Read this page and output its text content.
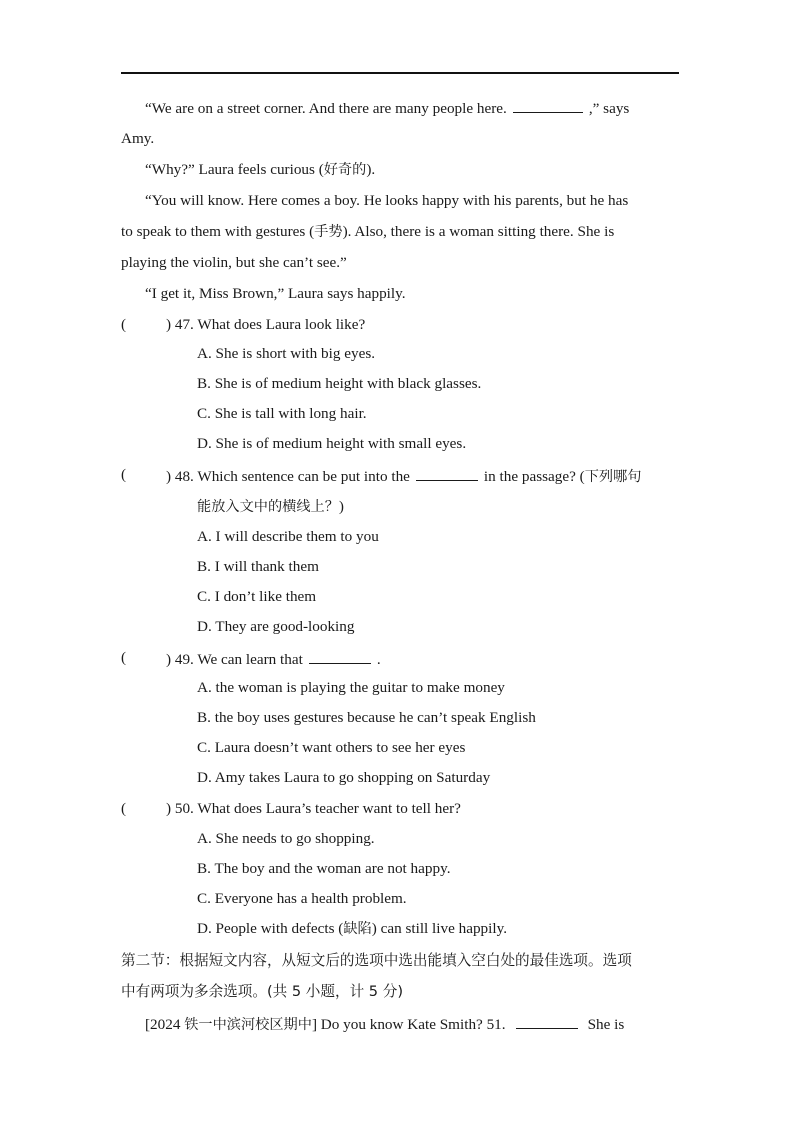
“We are on a street corner. And there are many people here.	,” says
Amy.
“Why?” Laura feels curious (好奇的).
“You will know. Here comes a boy. He looks happy with his parents, but he has
to speak to them with gestures (手势). Also, there is a woman sitting there. She is
playing the violin, but she can’t see.”
“I get it, Miss Brown,” Laura says happily.
(	) 47. What does Laura look like?
A. She is short with big eyes.
B. She is of medium height with black glasses.
C. She is tall with long hair.
D. She is of medium height with small eyes.
(	) 48. Which sentence can be put into the	in the passage? (下列哪句
能放入文中的横线上？)
A. I will describe them to you
B. I will thank them
C. I don’t like them
D. They are good-looking
(	) 49. We can learn that	.
A. the woman is playing the guitar to make money
B. the boy uses gestures because he can’t speak English
C. Laura doesn’t want others to see her eyes
D. Amy takes Laura to go shopping on Saturday
(	) 50. What does Laura’s teacher want to tell her?
A. She needs to go shopping.
B. The boy and the woman are not happy.
C. Everyone has a health problem.
D. People with defects (缺陷) can still live happily.
第二节：根据短文内容，从短文后的选项中选出能填入空白处的最佳选项。选项
中有两项为多余选项。(共 5 小题，计 5 分)
[2024 铁一中滨河校区期中] Do you know Kate Smith? 51.	She is
